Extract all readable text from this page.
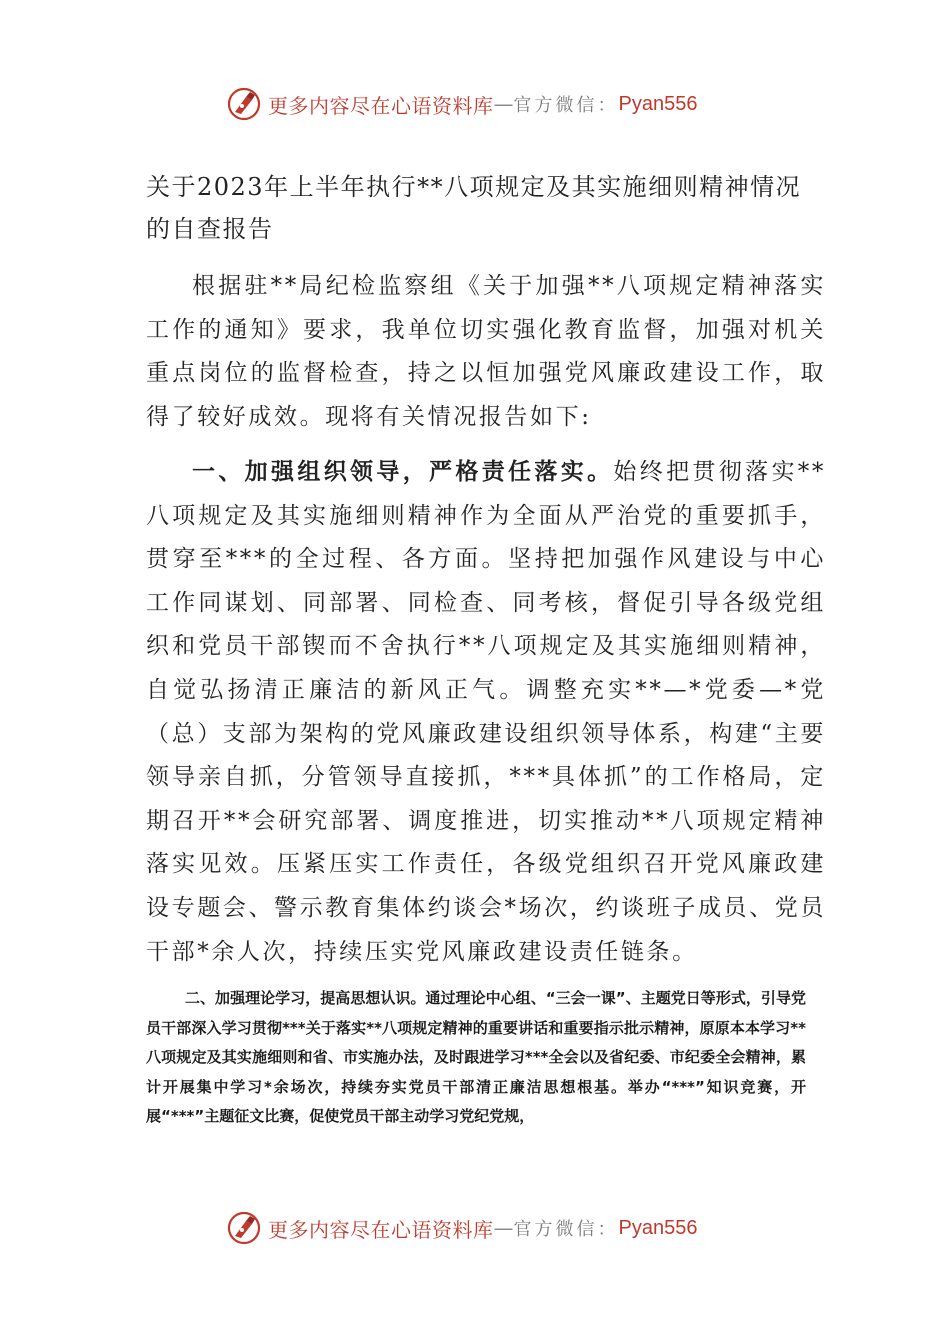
更多内容尽在心语资料库 — 官方微信： Pyan556
关于2023年上半年执行**八项规定及其实施细则精神情况的自查报告

根据驻**局纪检监察组《关于加强**八项规定精神落实工作的通知》要求，我单位切实强化教育监督，加强对机关重点岗位的监督检查，持之以恒加强党风廉政建设工作，取得了较好成效。现将有关情况报告如下:

一、加强组织领导，严格责任落实。始终把贯彻落实**八项规定及其实施细则精神作为全面从严治党的重要抓手，贯穿至***的全过程、各方面。坚持把加强作风建设与中心工作同谋划、同部署、同检查、同考核，督促引导各级党组织和党员干部锲而不舍执行**八项规定及其实施细则精神，自觉弘扬清正廉洁的新风正气。调整充实**—*党委—*党（总）支部为架构的党风廉政建设组织领导体系，构建“主要领导亲自抓，分管领导直接抓，***具体抓”的工作格局，定期召开**会研究部署、调度推进，切实推动**八项规定精神落实见效。压紧压实工作责任，各级党组织召开党风廉政建设专题会、警示教育集体约谈会*场次，约谈班子成员、党员干部*余人次，持续压实党风廉政建设责任链条。

二、加强理论学习，提高思想认识。通过理论中心组、“三会一课”、主题党日等形式，引导党员干部深入学习贯彻***关于落实**八项规定精神的重要讲话和重要指示批示精神，原原本本学习**八项规定及其实施细则和省、市实施办法，及时跟进学习***全会以及省纪委、市纪委全会精神，累计开展集中学习*余场次，持续夯实党员干部清正廉洁思想根基。举办“***”知识竞赛，开展“***”主题征文比赛，促使党员干部主动学习党纪党规，

更多内容尽在心语资料库 — 官方微信： Pyan556
